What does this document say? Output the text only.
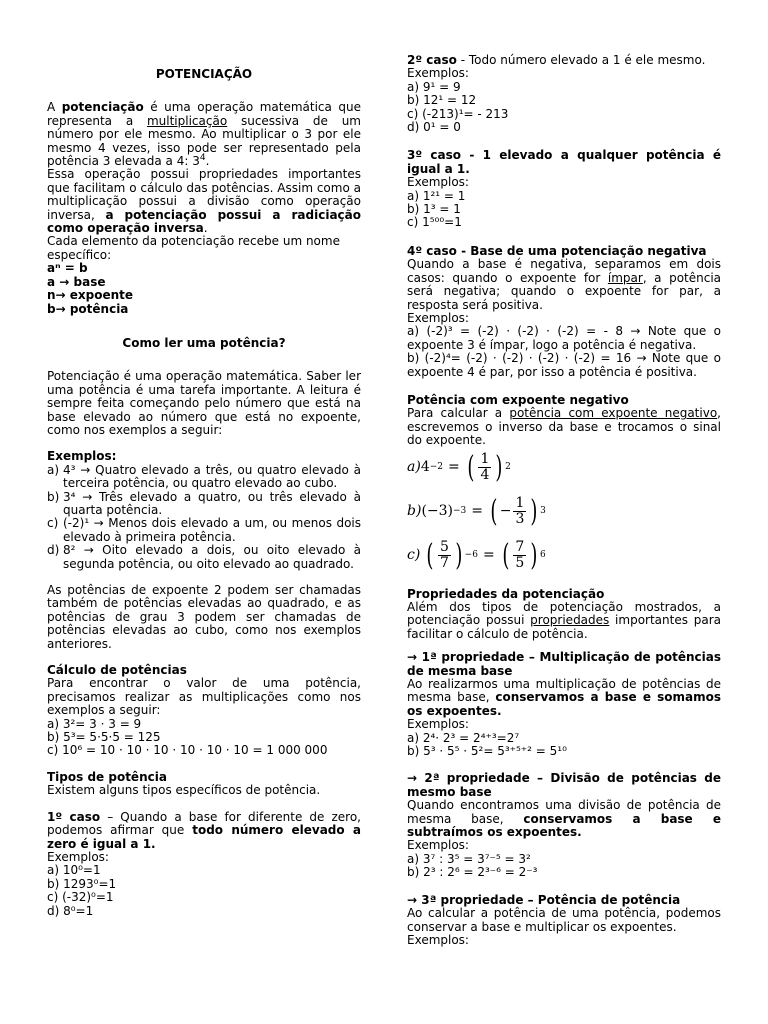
POTENCIAÇÃO

A potenciação é uma operação matemática que representa a multiplicação sucessiva de um número por ele mesmo. Ao multiplicar o 3 por ele mesmo 4 vezes, isso pode ser representado pela potência 3 elevada a 4: $3^4$.

Essa operação possui propriedades importantes que facilitam o cálculo das potências. Assim como a multiplicação possui a divisão como operação inversa, a potenciação possui a radiciação como operação inversa.

Cada elemento da potenciação recebe um nome específico:

aⁿ = b

a → base

n→ expoente

b→ potência

Como ler uma potência?

Potenciação é uma operação matemática. Saber ler uma potência é uma tarefa importante. A leitura é sempre feita começando pelo número que está na base elevado ao número que está no expoente, como nos exemplos a seguir:

Exemplos:

a) 4³ → Quatro elevado a três, ou quatro elevado à terceira potência, ou quatro elevado ao cubo.
b) 3⁴ → Três elevado a quatro, ou três elevado à quarta potência.
c) (-2)¹ → Menos dois elevado a um, ou menos dois elevado à primeira potência.
d) 8² → Oito elevado a dois, ou oito elevado à segunda potência, ou oito elevado ao quadrado.

As potências de expoente 2 podem ser chamadas também de potências elevadas ao quadrado, e as potências de grau 3 podem ser chamadas de potências elevadas ao cubo, como nos exemplos anteriores.

Cálculo de potências

Para encontrar o valor de uma potência, precisamos realizar as multiplicações como nos exemplos a seguir:

a) 3²= 3 · 3 = 9

b) 5³= 5·5·5 = 125

c) 10⁶ = 10 · 10 · 10 · 10 · 10 · 10 = 1 000 000

Tipos de potência

Existem alguns tipos específicos de potência.

1º caso – Quando a base for diferente de zero, podemos afirmar que todo número elevado a zero é igual a 1.

Exemplos:

a) 10⁰=1

b) 1293⁰=1

c) (-32)⁰=1

d) 8⁰=1

2º caso - Todo número elevado a 1 é ele mesmo.

Exemplos:

a) 9¹ = 9

b) 12¹ = 12

c) (-213)¹= - 213

d) 0¹ = 0

3º caso - 1 elevado a qualquer potência é igual a 1.

Exemplos:

a) 1²¹ = 1

b) 1³ = 1

c) 1⁵⁰⁰=1

4º caso - Base de uma potenciação negativa

Quando a base é negativa, separamos em dois casos: quando o expoente for ímpar, a potência será negativa; quando o expoente for par, a resposta será positiva.

Exemplos:

a) (-2)³ = (-2) · (-2) · (-2) = - 8 → Note que o expoente 3 é ímpar, logo a potência é negativa.

b) (-2)⁴= (-2) · (-2) · (-2) · (-2) = 16 → Note que o expoente 4 é par, por isso a potência é positiva.

Potência com expoente negativo

Para calcular a potência com expoente negativo, escrevemos o inverso da base e trocamos o sinal do expoente.

a) 4 −2 = ( $\frac{1}{4}$ ) 2
b) (−3) −3 = ( − $\frac{1}{3}$ ) 3
c) ( $\frac{5}{7}$ ) −6 = ( $\frac{7}{5}$ ) 6

Propriedades da potenciação

Além dos tipos de potenciação mostrados, a potenciação possui propriedades importantes para facilitar o cálculo de potência.

→ 1ª propriedade – Multiplicação de potências de mesma base

Ao realizarmos uma multiplicação de potências de mesma base, conservamos a base e somamos os expoentes.

Exemplos:

a) 2⁴· 2³ = 2⁴⁺³=2⁷

b) 5³ · 5⁵ · 5²= 5³⁺⁵⁺² = 5¹⁰

→ 2ª propriedade – Divisão de potências de mesmo base

Quando encontramos uma divisão de potência de mesma base, conservamos a base e subtraímos os expoentes.

Exemplos:

a) 3⁷ : 3⁵ = 3⁷⁻⁵ = 3²

b) 2³ : 2⁶ = 2³⁻⁶ = 2⁻³

→ 3ª propriedade – Potência de potência

Ao calcular a potência de uma potência, podemos conservar a base e multiplicar os expoentes.

Exemplos:
